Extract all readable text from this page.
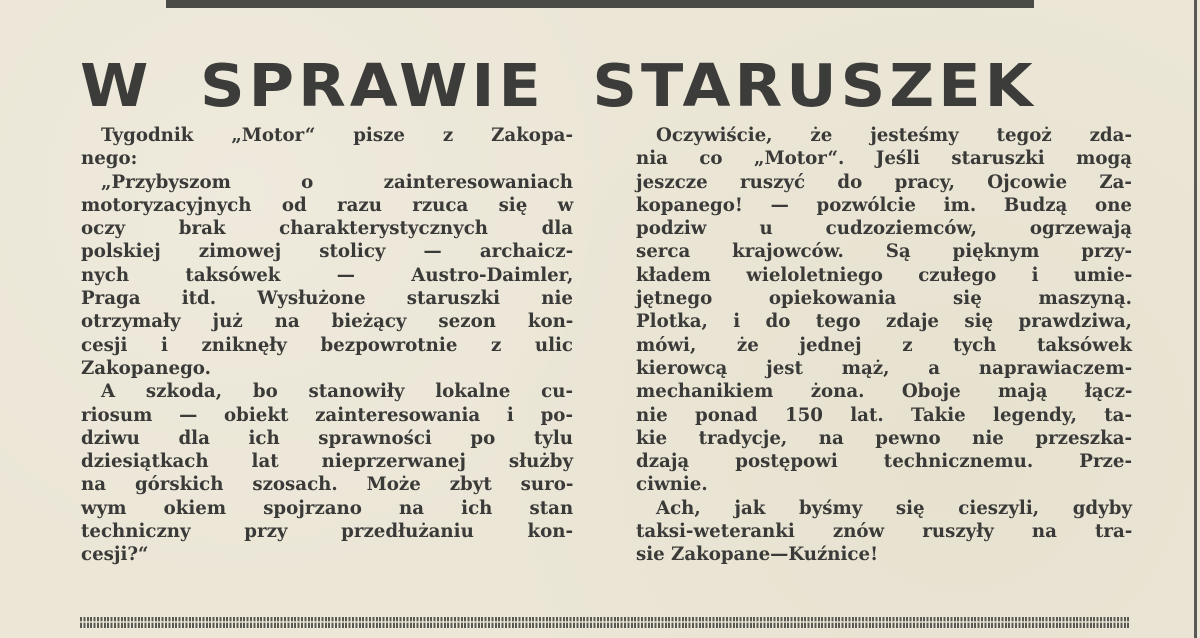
W SPRAWIE STARUSZEK
Tygodnik „Motor“ pisze z Zakopa-
nego:
„Przybyszom o zainteresowaniach
motoryzacyjnych od razu rzuca się w
oczy brak charakterystycznych dla
polskiej zimowej stolicy — archaicz-
nych taksówek — Austro-Daimler,
Praga itd. Wysłużone staruszki nie
otrzymały już na bieżący sezon kon-
cesji i zniknęły bezpowrotnie z ulic
Zakopanego.
A szkoda, bo stanowiły lokalne cu-
riosum — obiekt zainteresowania i po-
dziwu dla ich sprawności po tylu
dziesiątkach lat nieprzerwanej służby
na górskich szosach. Może zbyt suro-
wym okiem spojrzano na ich stan
techniczny przy przedłużaniu kon-
cesji?“
Oczywiście, że jesteśmy tegoż zda-
nia co „Motor“. Jeśli staruszki mogą
jeszcze ruszyć do pracy, Ojcowie Za-
kopanego! — pozwólcie im. Budzą one
podziw u cudzoziemców, ogrzewają
serca krajowców. Są pięknym przy-
kładem wieloletniego czułego i umie-
jętnego opiekowania się maszyną.
Plotka, i do tego zdaje się prawdziwa,
mówi, że jednej z tych taksówek
kierowcą jest mąż, a naprawiaczem-
mechanikiem żona. Oboje mają łącz-
nie ponad 150 lat. Takie legendy, ta-
kie tradycje, na pewno nie przeszka-
dzają postępowi technicznemu. Prze-
ciwnie.
Ach, jak byśmy się cieszyli, gdyby
taksi-weteranki znów ruszyły na tra-
sie Zakopane—Kuźnice!
